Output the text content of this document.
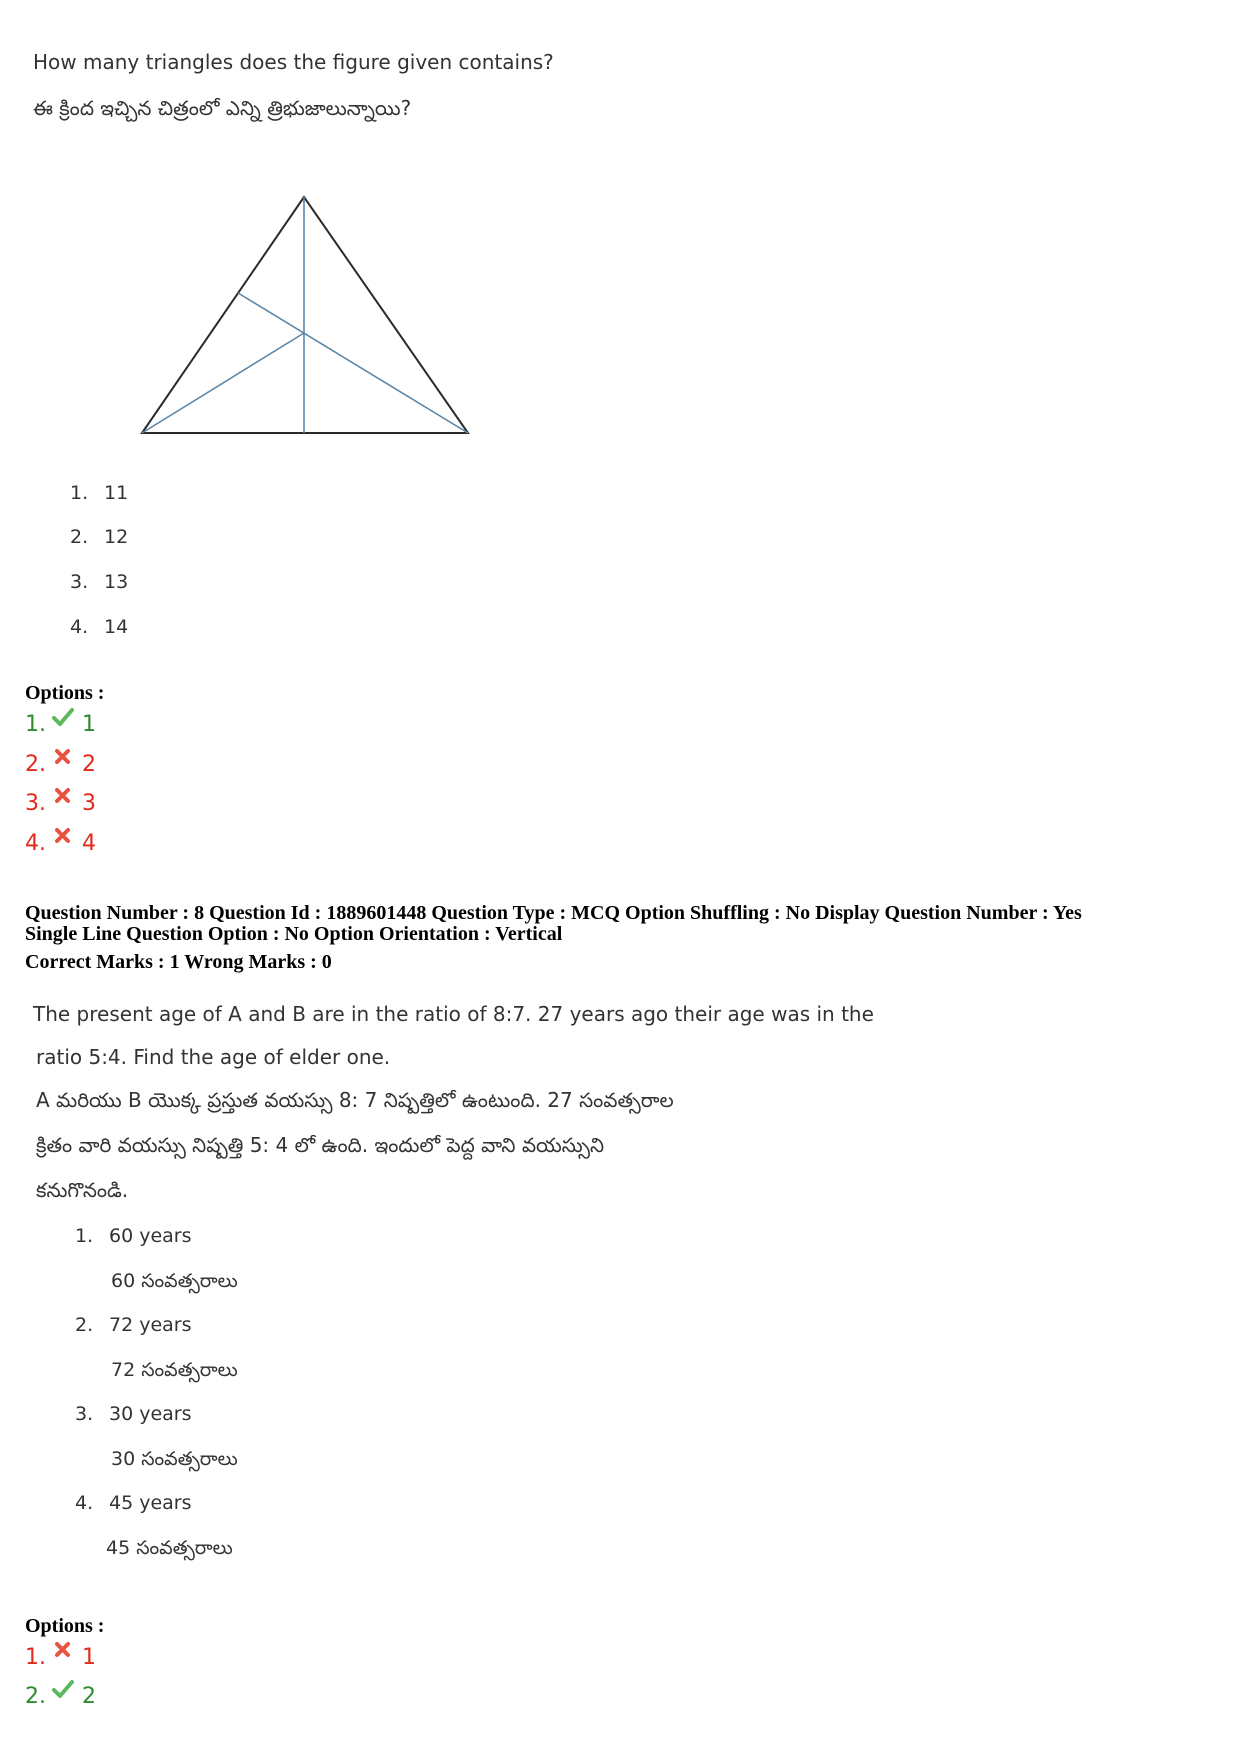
How many triangles does the figure given contains?
ఈ క్రింద ఇచ్చిన చిత్రంలో ఎన్ని త్రిభుజాలున్నాయి?
1. 11
2. 12
3. 13
4. 14
Options :
1. 1
2. 2
3. 3
4. 4
Question Number : 8 Question Id : 1889601448 Question Type : MCQ Option Shuffling : No Display Question Number : Yes
Single Line Question Option : No Option Orientation : Vertical
Correct Marks : 1 Wrong Marks : 0
The present age of A and B are in the ratio of 8:7. 27 years ago their age was in the
ratio 5:4. Find the age of elder one.
A మరియు B యొక్క ప్రస్తుత వయస్సు 8: 7 నిష్పత్తిలో ఉంటుంది. 27 సంవత్సరాల
క్రితం వారి వయస్సు నిష్పత్తి 5: 4 లో ఉంది. ఇందులో పెద్ద వాని వయస్సుని
కనుగొనండి.
1. 60 years
60 సంవత్సరాలు
2. 72 years
72 సంవత్సరాలు
3. 30 years
30 సంవత్సరాలు
4. 45 years
45 సంవత్సరాలు
Options :
1. 1
2. 2
